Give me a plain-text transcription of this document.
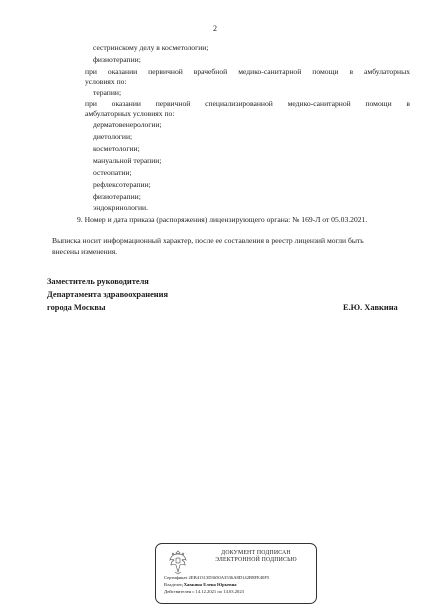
2
сестринскому делу в косметологии;
физиотерапии;
при оказании первичной врачебной медико-санитарной помощи в амбулаторных
условиях по:
терапии;
при оказании первичной специализированной медико-санитарной помощи в
амбулаторных условиях по:
дерматовенерологии;
диетологии;
косметологии;
мануальной терапии;
остеопатии;
рефлексотерапии;
физиотерапии;
эндокринологии.
9. Номер и дата приказа (распоряжения) лицензирующего органа: № 169-Л от 05.03.2021.
Выписка носит информационный характер, после ее составления в реестр лицензий могли быть
внесены изменения.
Заместитель руководителя
Департамента здравоохранения
города Москвы	Е.Ю. Хавкина
ДОКУМЕНТ ПОДПИСАН
ЭЛЕКТРОННОЙ ПОДПИСЬЮ
Сертификат 2EB41313D3650A3536A8D142B8FE40F5
Владелец Хавкина Елена Юрьевна
Действителен с 14.12.2021 по 14.03.2023
